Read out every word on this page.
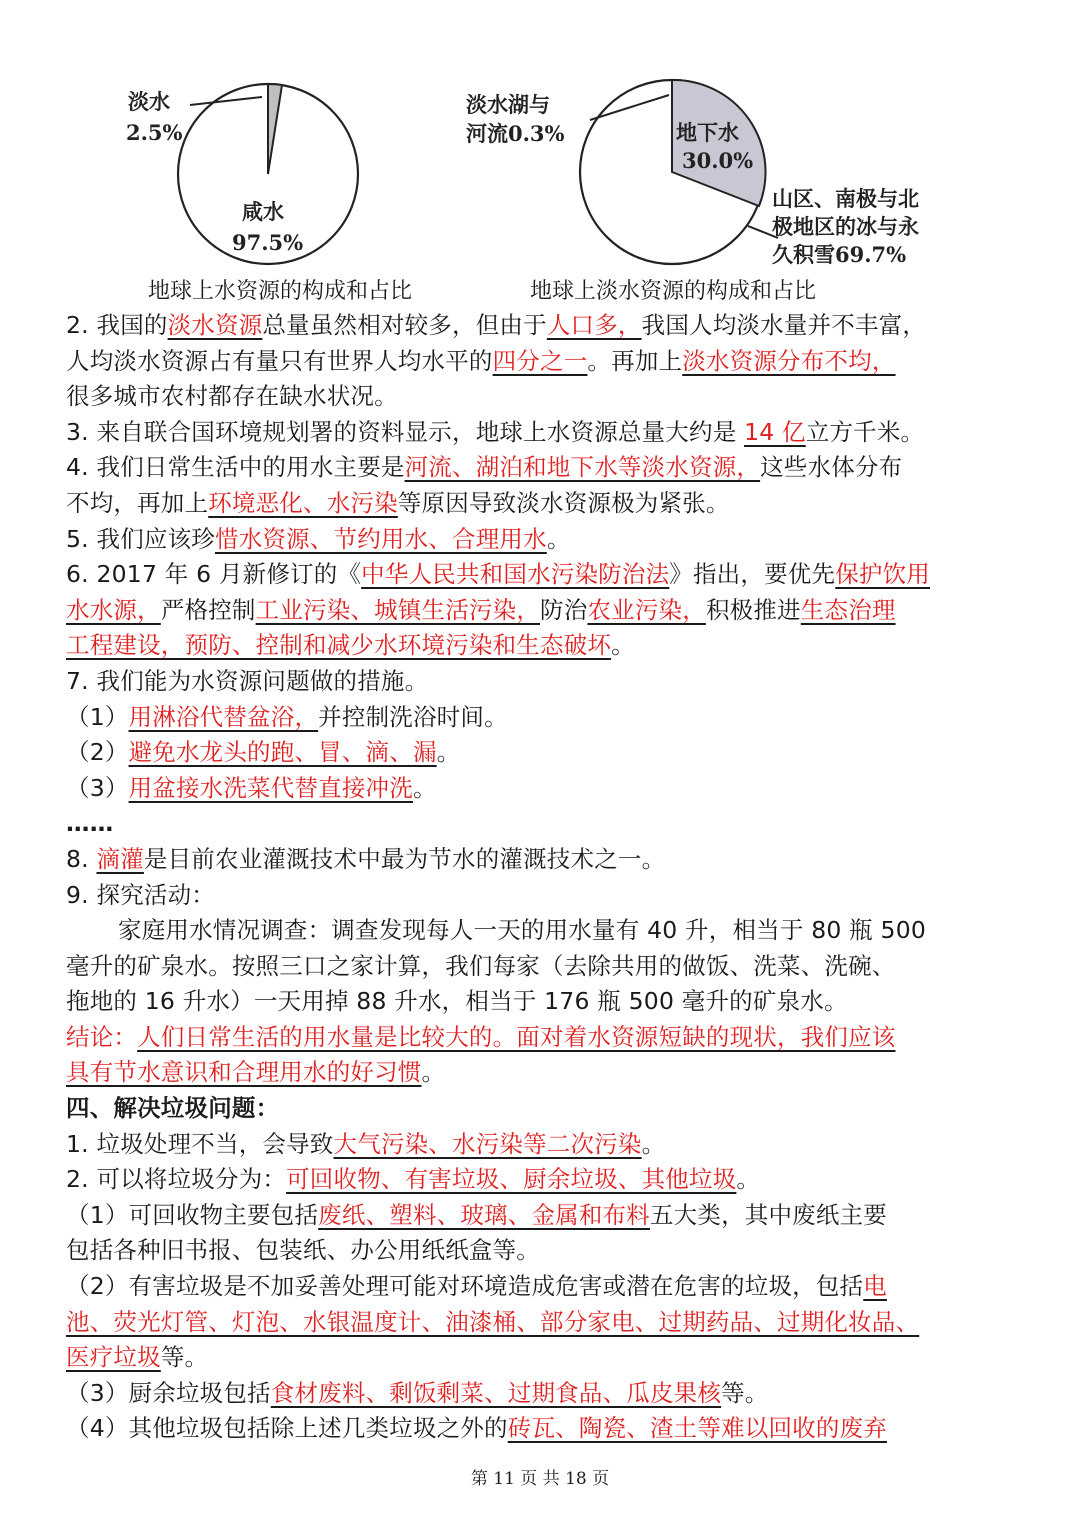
淡水
2.5%
咸水
97.5%
淡水湖与
河流0.3%	地下水
30.0%
山区、南极与北
极地区的冰与永
久积雪69.7%
地球上水资源的构成和占比	地球上淡水资源的构成和占比
2. 我国的淡水资源总量虽然相对较多，但由于人口多，我国人均淡水量并不丰富，
人均淡水资源占有量只有世界人均水平的四分之一。再加上淡水资源分布不均，
很多城市农村都存在缺水状况。
3. 来自联合国环境规划署的资料显示，地球上水资源总量大约是 14 亿立方千米。
4. 我们日常生活中的用水主要是河流、湖泊和地下水等淡水资源，这些水体分布
不均，再加上环境恶化、水污染等原因导致淡水资源极为紧张。
5. 我们应该珍惜水资源、节约用水、合理用水。
6. 2017 年 6 月新修订的《中华人民共和国水污染防治法》指出，要优先保护饮用
水水源，严格控制工业污染、城镇生活污染，防治农业污染，积极推进生态治理
工程建设，预防、控制和减少水环境污染和生态破坏。
7. 我们能为水资源问题做的措施。
（1）用淋浴代替盆浴，并控制洗浴时间。
（2）避免水龙头的跑、冒、滴、漏。
（3）用盆接水洗菜代替直接冲洗。
……
8. 滴灌是目前农业灌溉技术中最为节水的灌溉技术之一。
9. 探究活动：
家庭用水情况调查：调查发现每人一天的用水量有 40 升，相当于 80 瓶 500
毫升的矿泉水。按照三口之家计算，我们每家（去除共用的做饭、洗菜、洗碗、
拖地的 16 升水）一天用掉 88 升水，相当于 176 瓶 500 毫升的矿泉水。
结论：人们日常生活的用水量是比较大的。面对着水资源短缺的现状，我们应该
具有节水意识和合理用水的好习惯。
四、解决垃圾问题：
1. 垃圾处理不当，会导致大气污染、水污染等二次污染。
2. 可以将垃圾分为：可回收物、有害垃圾、厨余垃圾、其他垃圾。
（1）可回收物主要包括废纸、塑料、玻璃、金属和布料五大类，其中废纸主要
包括各种旧书报、包装纸、办公用纸纸盒等。
（2）有害垃圾是不加妥善处理可能对环境造成危害或潜在危害的垃圾，包括电
池、荧光灯管、灯泡、水银温度计、油漆桶、部分家电、过期药品、过期化妆品、
医疗垃圾等。
（3）厨余垃圾包括食材废料、剩饭剩菜、过期食品、瓜皮果核等。
（4）其他垃圾包括除上述几类垃圾之外的砖瓦、陶瓷、渣土等难以回收的废弃
第 11 页 共 18 页
